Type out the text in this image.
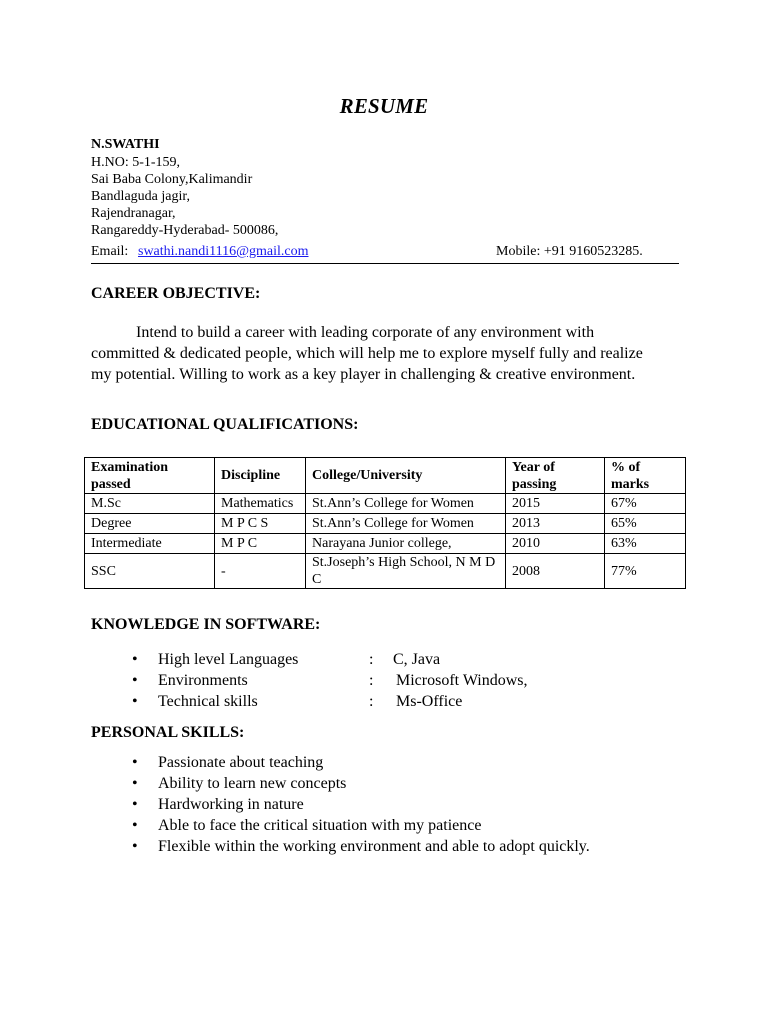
RESUME
N.SWATHI
H.NO: 5-1-159,
Sai Baba Colony,Kalimandir
Bandlaguda jagir,
Rajendranagar,
Rangareddy-Hyderabad- 500086,
Email: swathi.nandi1116@gmail.com	Mobile: +91 9160523285.
CAREER OBJECTIVE:
Intend to build a career with leading corporate of any environment with committed & dedicated people, which will help me to explore myself fully and realize my potential. Willing to work as a key player in challenging & creative environment.
EDUCATIONAL QUALIFICATIONS:
Examination passed	Discipline	College/University	Year of passing	% of marks
M.Sc	Mathematics	St.Ann’s College for Women	2015	67%
Degree	M P C S	St.Ann’s College for Women	2013	65%
Intermediate	M P C	Narayana Junior college,	2010	63%
SSC	-	St.Joseph’s High School, N M D C	2008	77%
KNOWLEDGE IN SOFTWARE:
• High level Languages	: C, Java
• Environments	: Microsoft Windows,
• Technical skills	: Ms-Office
PERSONAL SKILLS:
• Passionate about teaching
• Ability to learn new concepts
• Hardworking in nature
• Able to face the critical situation with my patience
• Flexible within the working environment and able to adopt quickly.
